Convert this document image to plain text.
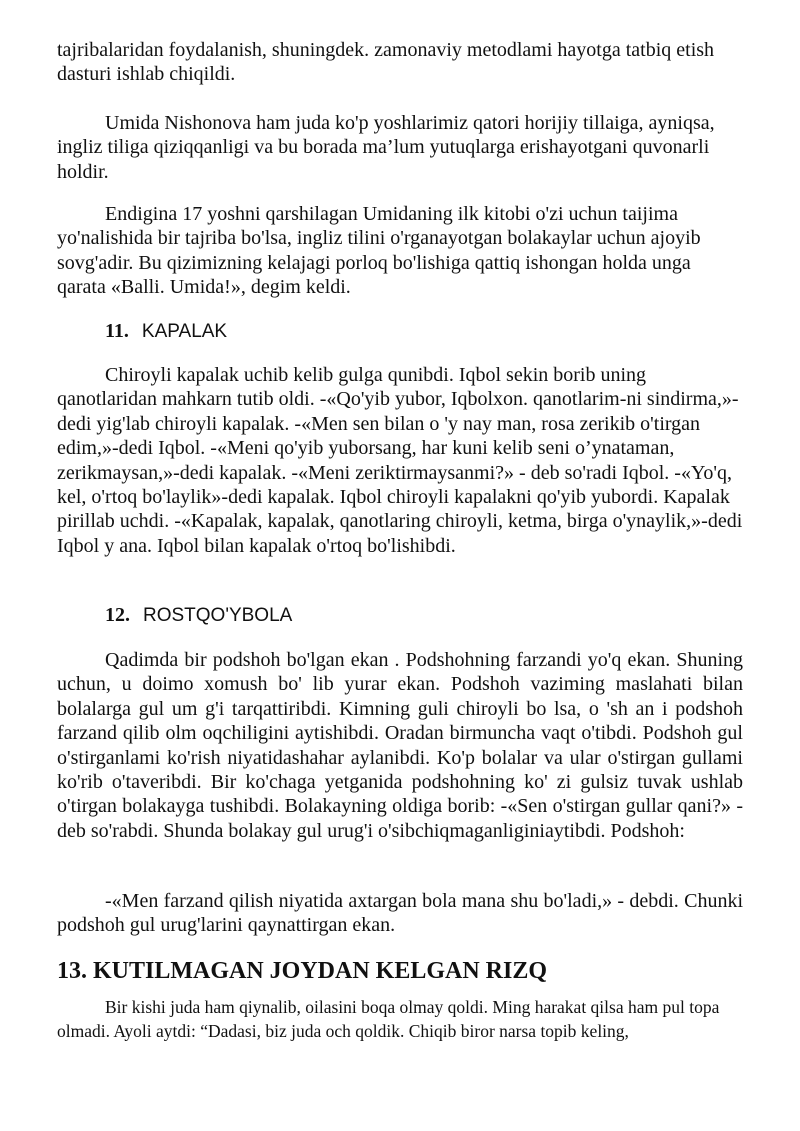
tajribalaridan foydalanish, shuningdek. zamonaviy metodlami hayotga tatbiq etish dasturi ishlab chiqildi.

Umida Nishonova ham juda ko'p yoshlarimiz qatori horijiy tillaiga, ayniqsa, ingliz tiliga qiziqqanligi va bu borada ma’lum yutuqlarga erishayotgani quvonarli holdir.

Endigina 17 yoshni qarshilagan Umidaning ilk kitobi o'zi uchun taijima yo'nalishida bir tajriba bo'lsa, ingliz tilini o'rganayotgan bolakaylar uchun ajoyib sovg'adir. Bu qizimizning kelajagi porloq bo'lishiga qattiq ishongan holda unga qarata «Balli. Umida!», degim keldi.

11. KAPALAK

Chiroyli kapalak uchib kelib gulga qunibdi. Iqbol sekin borib uning qanotlaridan mahkarn tutib oldi. -«Qo'yib yubor, Iqbolxon. qanotlarim-ni sindirma,»-dedi yig'lab chiroyli kapalak. -«Men sen bilan o 'y nay man, rosa zerikib o'tirgan edim,»-dedi Iqbol. -«Meni qo'yib yuborsang, har kuni kelib seni o’ynataman, zerikmaysan,»-dedi kapalak. -«Meni zeriktirmaysanmi?» - deb so'radi Iqbol. -«Yo'q, kel, o'rtoq bo'laylik»-dedi kapalak. Iqbol chiroyli kapalakni qo'yib yubordi. Kapalak pirillab uchdi. -«Kapalak, kapalak, qanotlaring chiroyli, ketma, birga o'ynaylik,»-dedi Iqbol y ana. Iqbol bilan kapalak o'rtoq bo'lishibdi.

12. ROSTQO'YBOLA

Qadimda bir podshoh bo'lgan ekan . Podshohning farzandi yo'q ekan. Shuning uchun, u doimo xomush bo' lib yurar ekan. Podshoh vaziming maslahati bilan bolalarga gul um g'i tarqattiribdi. Kimning guli chiroyli bo lsa, o 'sh an i podshoh farzand qilib olm oqchiligini aytishibdi. Oradan birmuncha vaqt o'tibdi. Podshoh gul o'stirganlami ko'rish niyatidashahar aylanibdi. Ko'p bolalar va ular o'stirgan gullami ko'rib o'taveribdi. Bir ko'chaga yetganida podshohning ko' zi gulsiz tuvak ushlab o'tirgan bolakayga tushibdi. Bolakayning oldiga borib: -«Sen o'stirgan gullar qani?» - deb so'rabdi. Shunda bolakay gul urug'i o'sibchiqmaganliginiaytibdi. Podshoh:

-«Men farzand qilish niyatida axtargan bola mana shu bo'ladi,» - debdi. Chunki podshoh gul urug'larini qaynattirgan ekan.

13. KUTILMAGAN JOYDAN KELGAN RIZQ

Bir kishi juda ham qiynalib, oilasini boqa olmay qoldi. Ming harakat qilsa ham pul topa olmadi. Ayoli aytdi: “Dadasi, biz juda och qoldik. Chiqib biror narsa topib keling,
